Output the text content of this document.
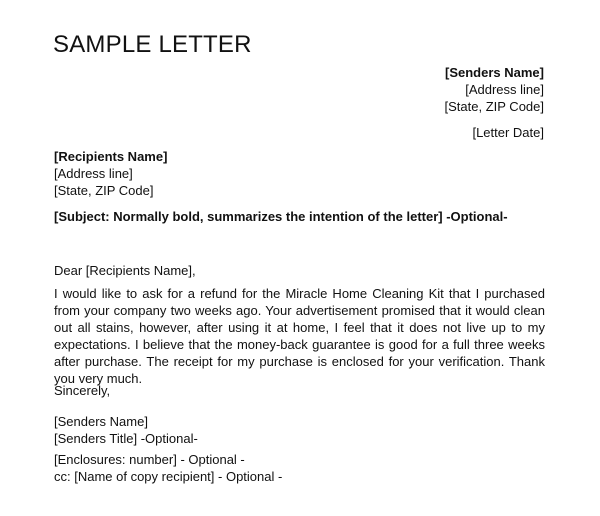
SAMPLE LETTER
[Senders Name]
[Address line]
[State, ZIP Code]
[Letter Date]
[Recipients Name]
[Address line]
[State, ZIP Code]
[Subject: Normally bold, summarizes the intention of the letter] -Optional-
Dear [Recipients Name],
I would like to ask for a refund for the Miracle Home Cleaning Kit that I purchased from your company two weeks ago. Your advertisement promised that it would clean out all stains, however, after using it at home, I feel that it does not live up to my expectations. I believe that the money-back guarantee is good for a full three weeks after purchase. The receipt for my purchase is enclosed for your verification. Thank you very much.
Sincerely,
[Senders Name]
[Senders Title] -Optional-
[Enclosures: number] - Optional -
cc: [Name of copy recipient] - Optional -
